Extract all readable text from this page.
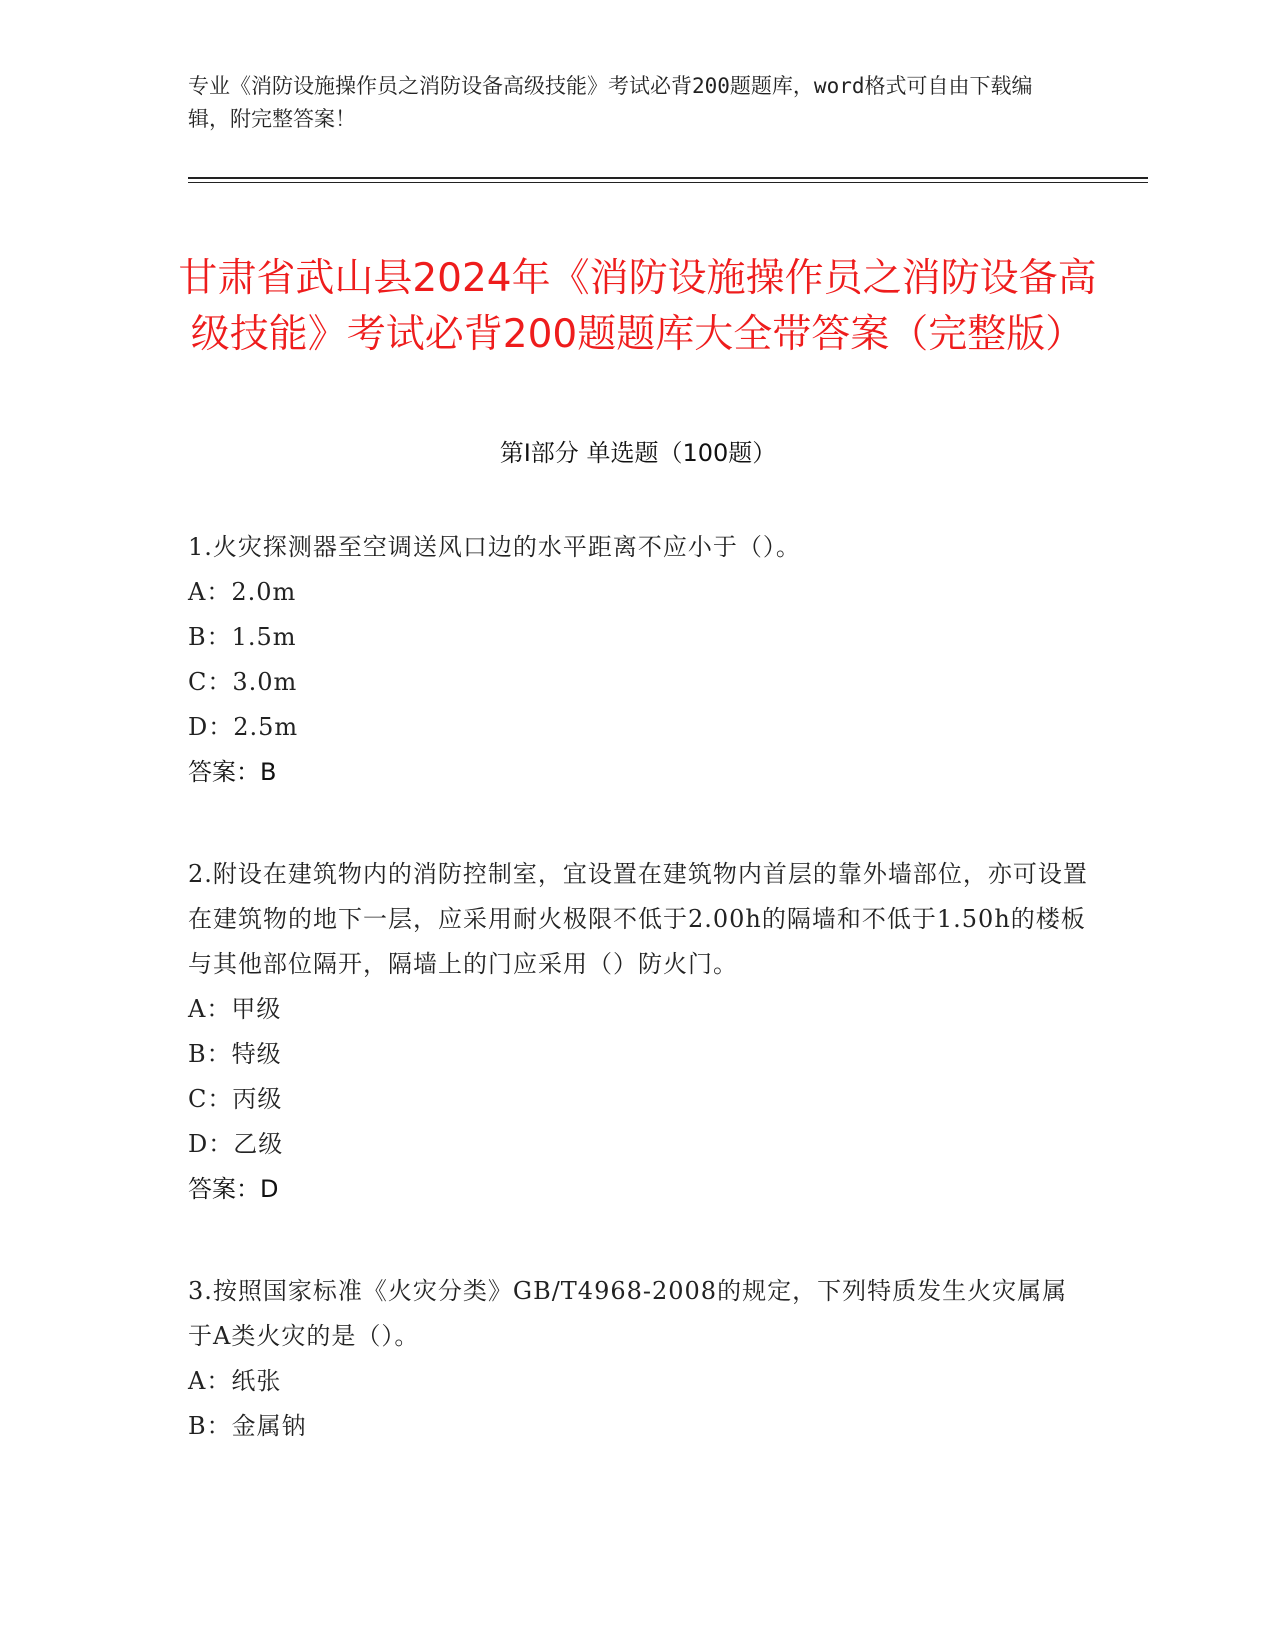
专业《消防设施操作员之消防设备高级技能》考试必背200题题库，word格式可自由下载编辑，附完整答案！
甘肃省武山县2024年《消防设施操作员之消防设备高级技能》考试必背200题题库大全带答案（完整版）
第Ⅰ部分 单选题（100题）

1.火灾探测器至空调送风口边的水平距离不应小于（）。

A：2.0m

B：1.5m

C：3.0m

D：2.5m

答案：B

2.附设在建筑物内的消防控制室，宜设置在建筑物内首层的靠外墙部位，亦可设置在建筑物的地下一层，应采用耐火极限不低于2.00h的隔墙和不低于1.50h的楼板与其他部位隔开，隔墙上的门应采用（）防火门。

A：甲级

B：特级

C：丙级

D：乙级

答案：D

3.按照国家标准《火灾分类》GB/T4968-2008的规定，下列特质发生火灾属属于A类火灾的是（）。

A：纸张

B：金属钠
